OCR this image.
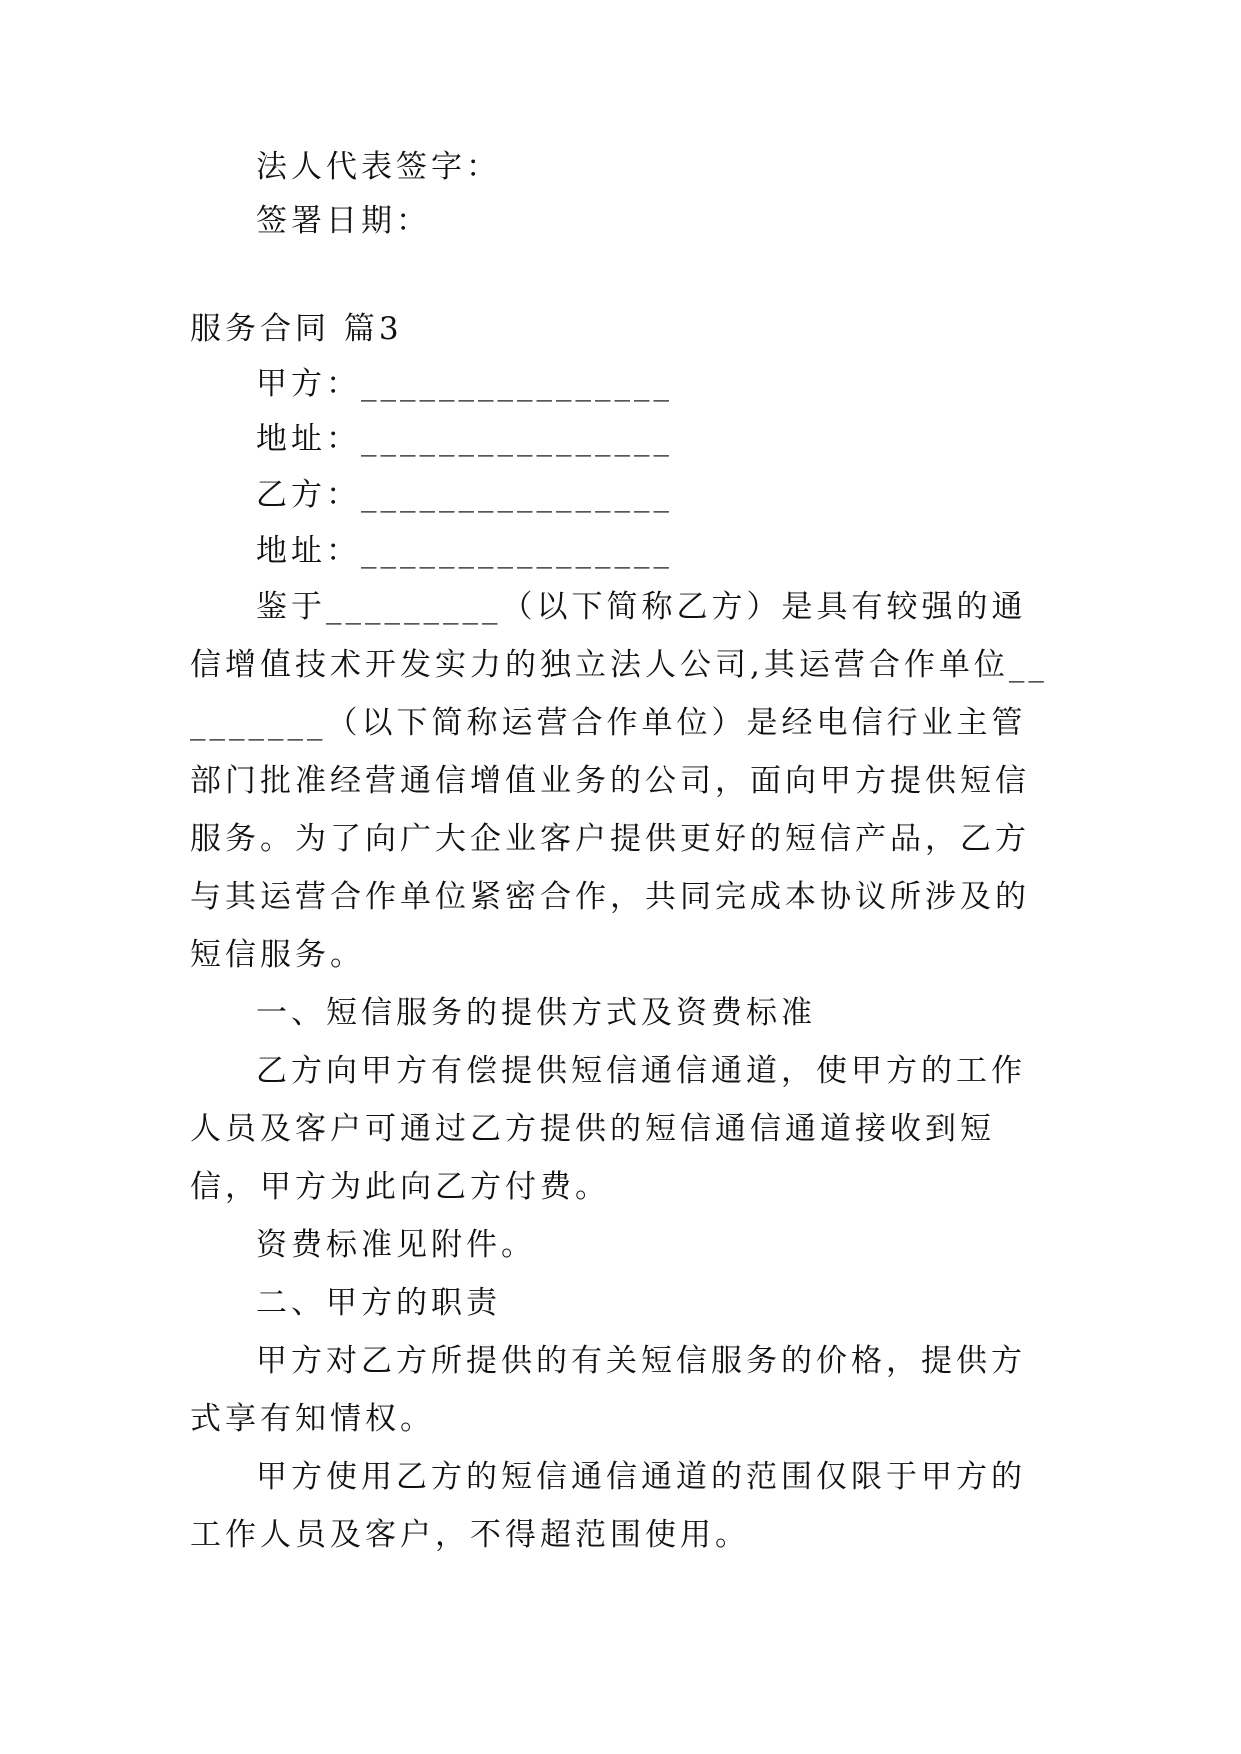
法人代表签字：
签署日期：
服务合同 篇3
甲方：________________
地址：________________
乙方：________________
地址：________________

鉴于_________（以下简称乙方）是具有较强的通信增值技术开发实力的独立法人公司,其运营合作单位_________（以下简称运营合作单位）是经电信行业主管部门批准经营通信增值业务的公司，面向甲方提供短信服务。为了向广大企业客户提供更好的短信产品，乙方与其运营合作单位紧密合作，共同完成本协议所涉及的短信服务。

一、短信服务的提供方式及资费标准

乙方向甲方有偿提供短信通信通道，使甲方的工作人员及客户可通过乙方提供的短信通信通道接收到短信，甲方为此向乙方付费。

资费标准见附件。

二、甲方的职责

甲方对乙方所提供的有关短信服务的价格，提供方式享有知情权。

甲方使用乙方的短信通信通道的范围仅限于甲方的工作人员及客户，不得超范围使用。
